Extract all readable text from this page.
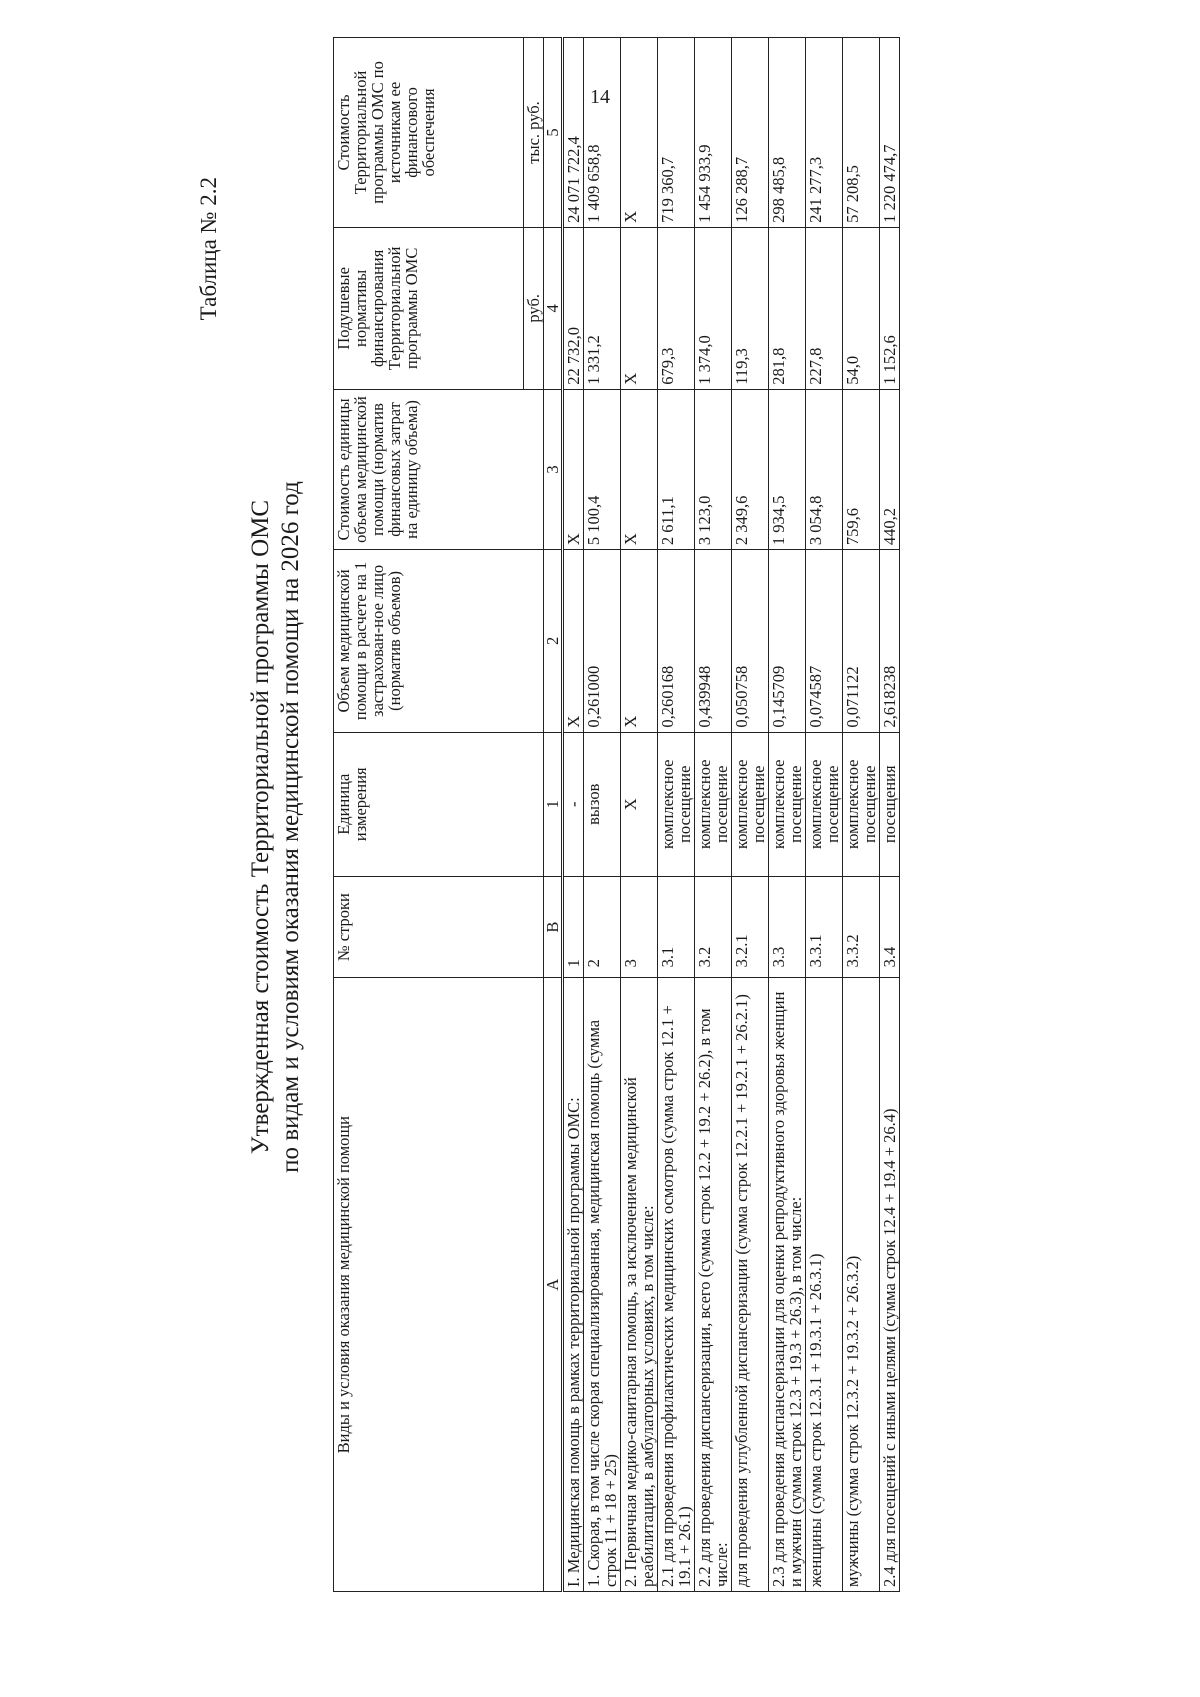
14
Таблица № 2.2
Утвержденная стоимость Территориальной программы ОМС по видам и условиям оказания медицинской помощи на 2026 год
Виды и условия оказания медицинской помощи	№ строки	Единица измерения	Объем медицинской помощи в расчете на 1 застрахован-ное лицо (норматив объемов)	Стоимость единицы объема медицинской помощи (норматив финансовых затрат на единицу объема)	Подушевые нормативы финансирования Территориальной программы ОМС	Стоимость Территориальной программы ОМС по источникам ее финансового обеспечения
					руб.	тыс. руб.
А	В	1	2	3	4	5
I. Медицинская помощь в рамках территориальной программы ОМС:	1	-	Х	Х	22 732,0	24 071 722,4
1. Скорая, в том числе скорая специализированная, медицинская помощь (сумма строк 11 + 18 + 25)	2	вызов	0,261000	5 100,4	1 331,2	1 409 658,8
2. Первичная медико-санитарная помощь, за исключением медицинской реабилитации, в амбулаторных условиях, в том числе:	3	Х	Х	Х	Х	Х
2.1 для проведения профилактических медицинских осмотров (сумма строк 12.1 + 19.1 + 26.1)	3.1	комплексное посещение	0,260168	2 611,1	679,3	719 360,7
2.2 для проведения диспансеризации, всего (сумма строк 12.2 + 19.2 + 26.2), в том числе:	3.2	комплексное посещение	0,439948	3 123,0	1 374,0	1 454 933,9
для проведения углубленной диспансеризации (сумма строк 12.2.1 + 19.2.1 + 26.2.1)	3.2.1	комплексное посещение	0,050758	2 349,6	119,3	126 288,7
2.3 для проведения диспансеризации для оценки репродуктивного здоровья женщин и мужчин (сумма строк 12.3 + 19.3 + 26.3), в том числе:	3.3	комплексное посещение	0,145709	1 934,5	281,8	298 485,8
женщины (сумма строк 12.3.1 + 19.3.1 + 26.3.1)	3.3.1	комплексное посещение	0,074587	3 054,8	227,8	241 277,3
мужчины (сумма строк 12.3.2 + 19.3.2 + 26.3.2)	3.3.2	комплексное посещение	0,071122	759,6	54,0	57 208,5
2.4 для посещений с иными целями (сумма строк 12.4 + 19.4 + 26.4)	3.4	посещения	2,618238	440,2	1 152,6	1 220 474,7
